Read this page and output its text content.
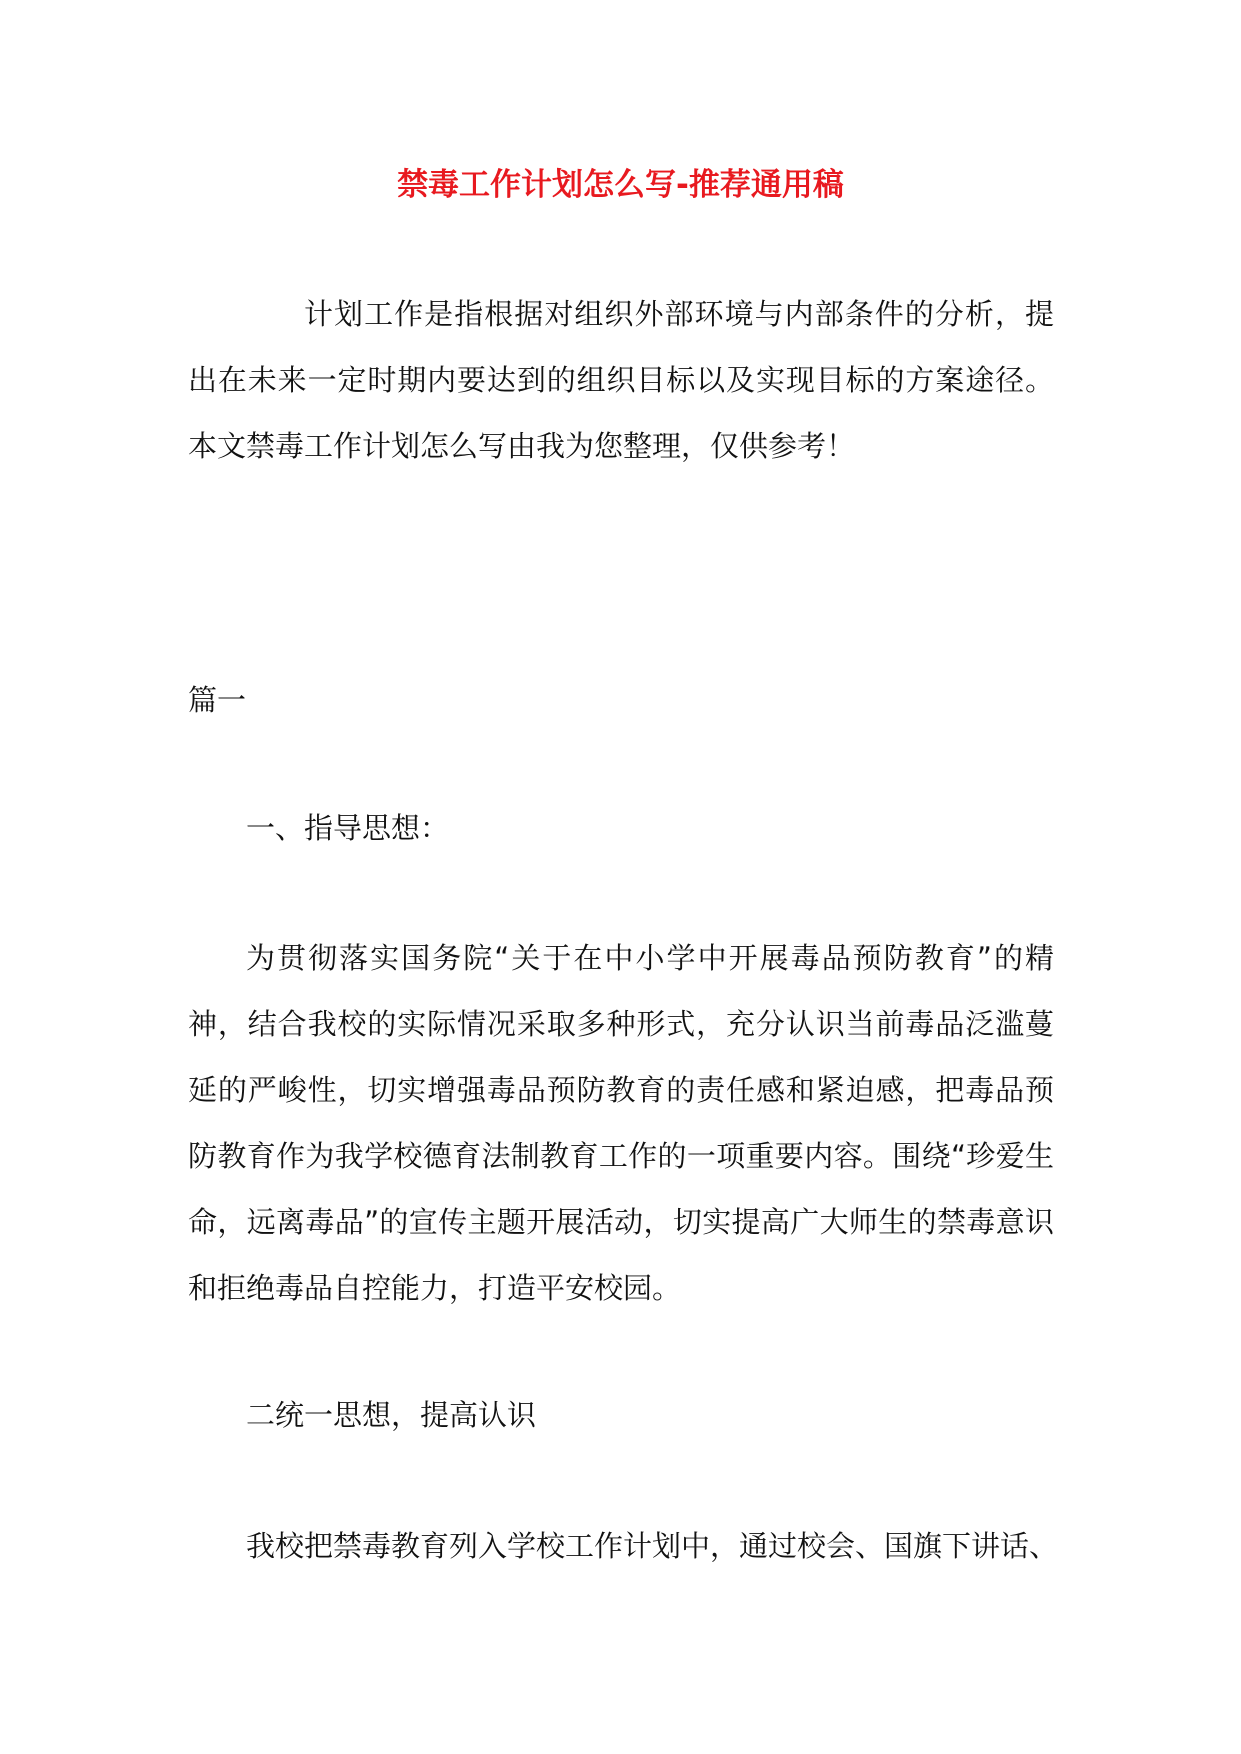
禁毒工作计划怎么写-推荐通用稿

计划工作是指根据对组织外部环境与内部条件的分析，提出在未来一定时期内要达到的组织目标以及实现目标的方案途径。本文禁毒工作计划怎么写由我为您整理，仅供参考！

篇一

一、指导思想：

为贯彻落实国务院“关于在中小学中开展毒品预防教育”的精神，结合我校的实际情况采取多种形式，充分认识当前毒品泛滥蔓延的严峻性，切实增强毒品预防教育的责任感和紧迫感，把毒品预防教育作为我学校德育法制教育工作的一项重要内容。围绕“珍爱生命，远离毒品”的宣传主题开展活动，切实提高广大师生的禁毒意识和拒绝毒品自控能力，打造平安校园。

二统一思想，提高认识

我校把禁毒教育列入学校工作计划中，通过校会、国旗下讲话、
